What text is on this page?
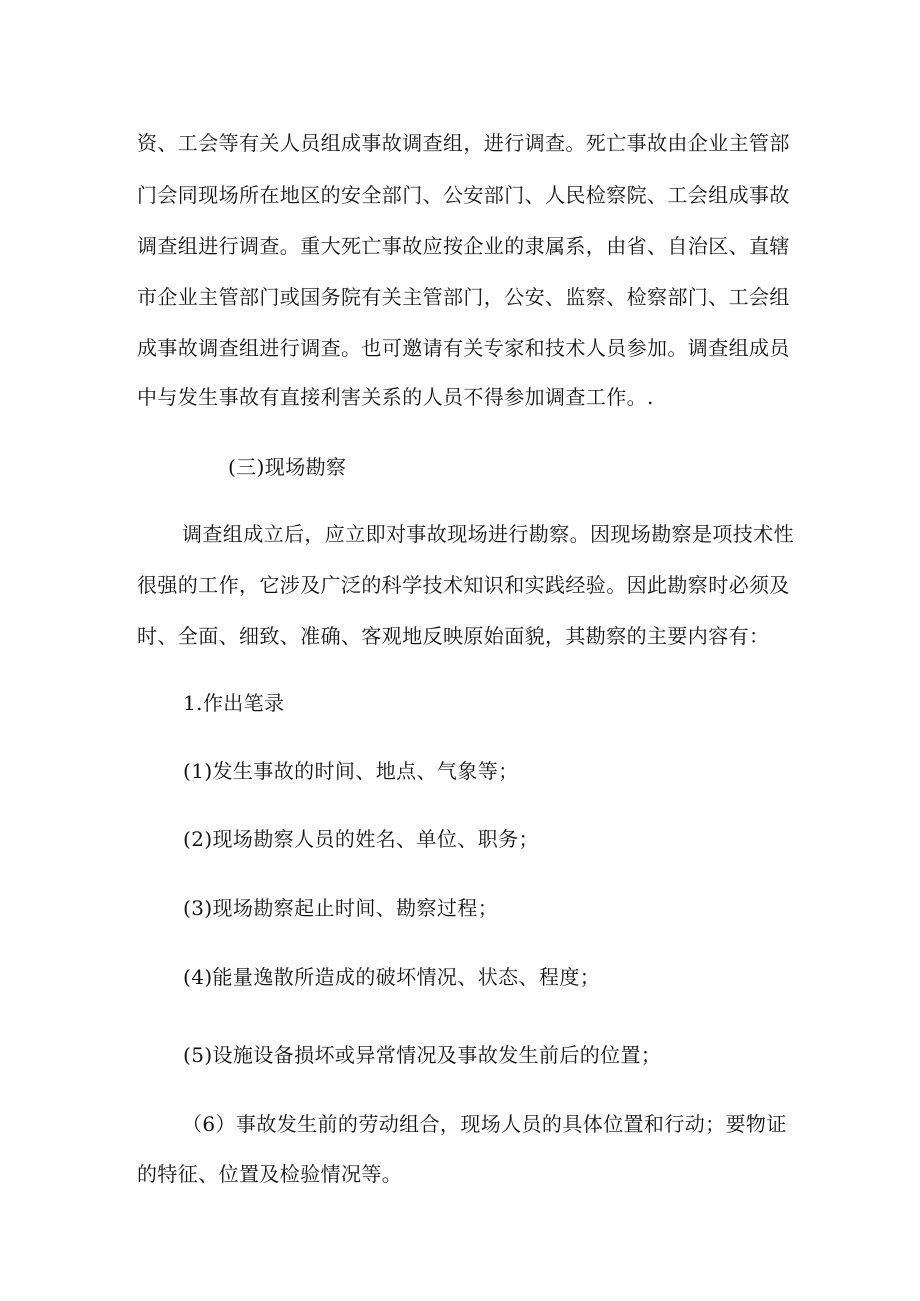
资、工会等有关人员组成事故调查组，进行调查。死亡事故由企业主管部
门会同现场所在地区的安全部门、公安部门、人民检察院、工会组成事故
调查组进行调查。重大死亡事故应按企业的隶属系，由省、自治区、直辖
市企业主管部门或国务院有关主管部门，公安、监察、检察部门、工会组
成事故调查组进行调查。也可邀请有关专家和技术人员参加。调查组成员
中与发生事故有直接利害关系的人员不得参加调查工作。.
(三)现场勘察
调查组成立后，应立即对事故现场进行勘察。因现场勘察是项技术性
很强的工作，它涉及广泛的科学技术知识和实践经验。因此勘察时必须及
时、全面、细致、准确、客观地反映原始面貌，其勘察的主要内容有：
1.作出笔录
(1)发生事故的时间、地点、气象等；
(2)现场勘察人员的姓名、单位、职务；
(3)现场勘察起止时间、勘察过程；
(4)能量逸散所造成的破坏情况、状态、程度；
(5)设施设备损坏或异常情况及事故发生前后的位置；
（6）事故发生前的劳动组合，现场人员的具体位置和行动；要物证
的特征、位置及检验情况等。
